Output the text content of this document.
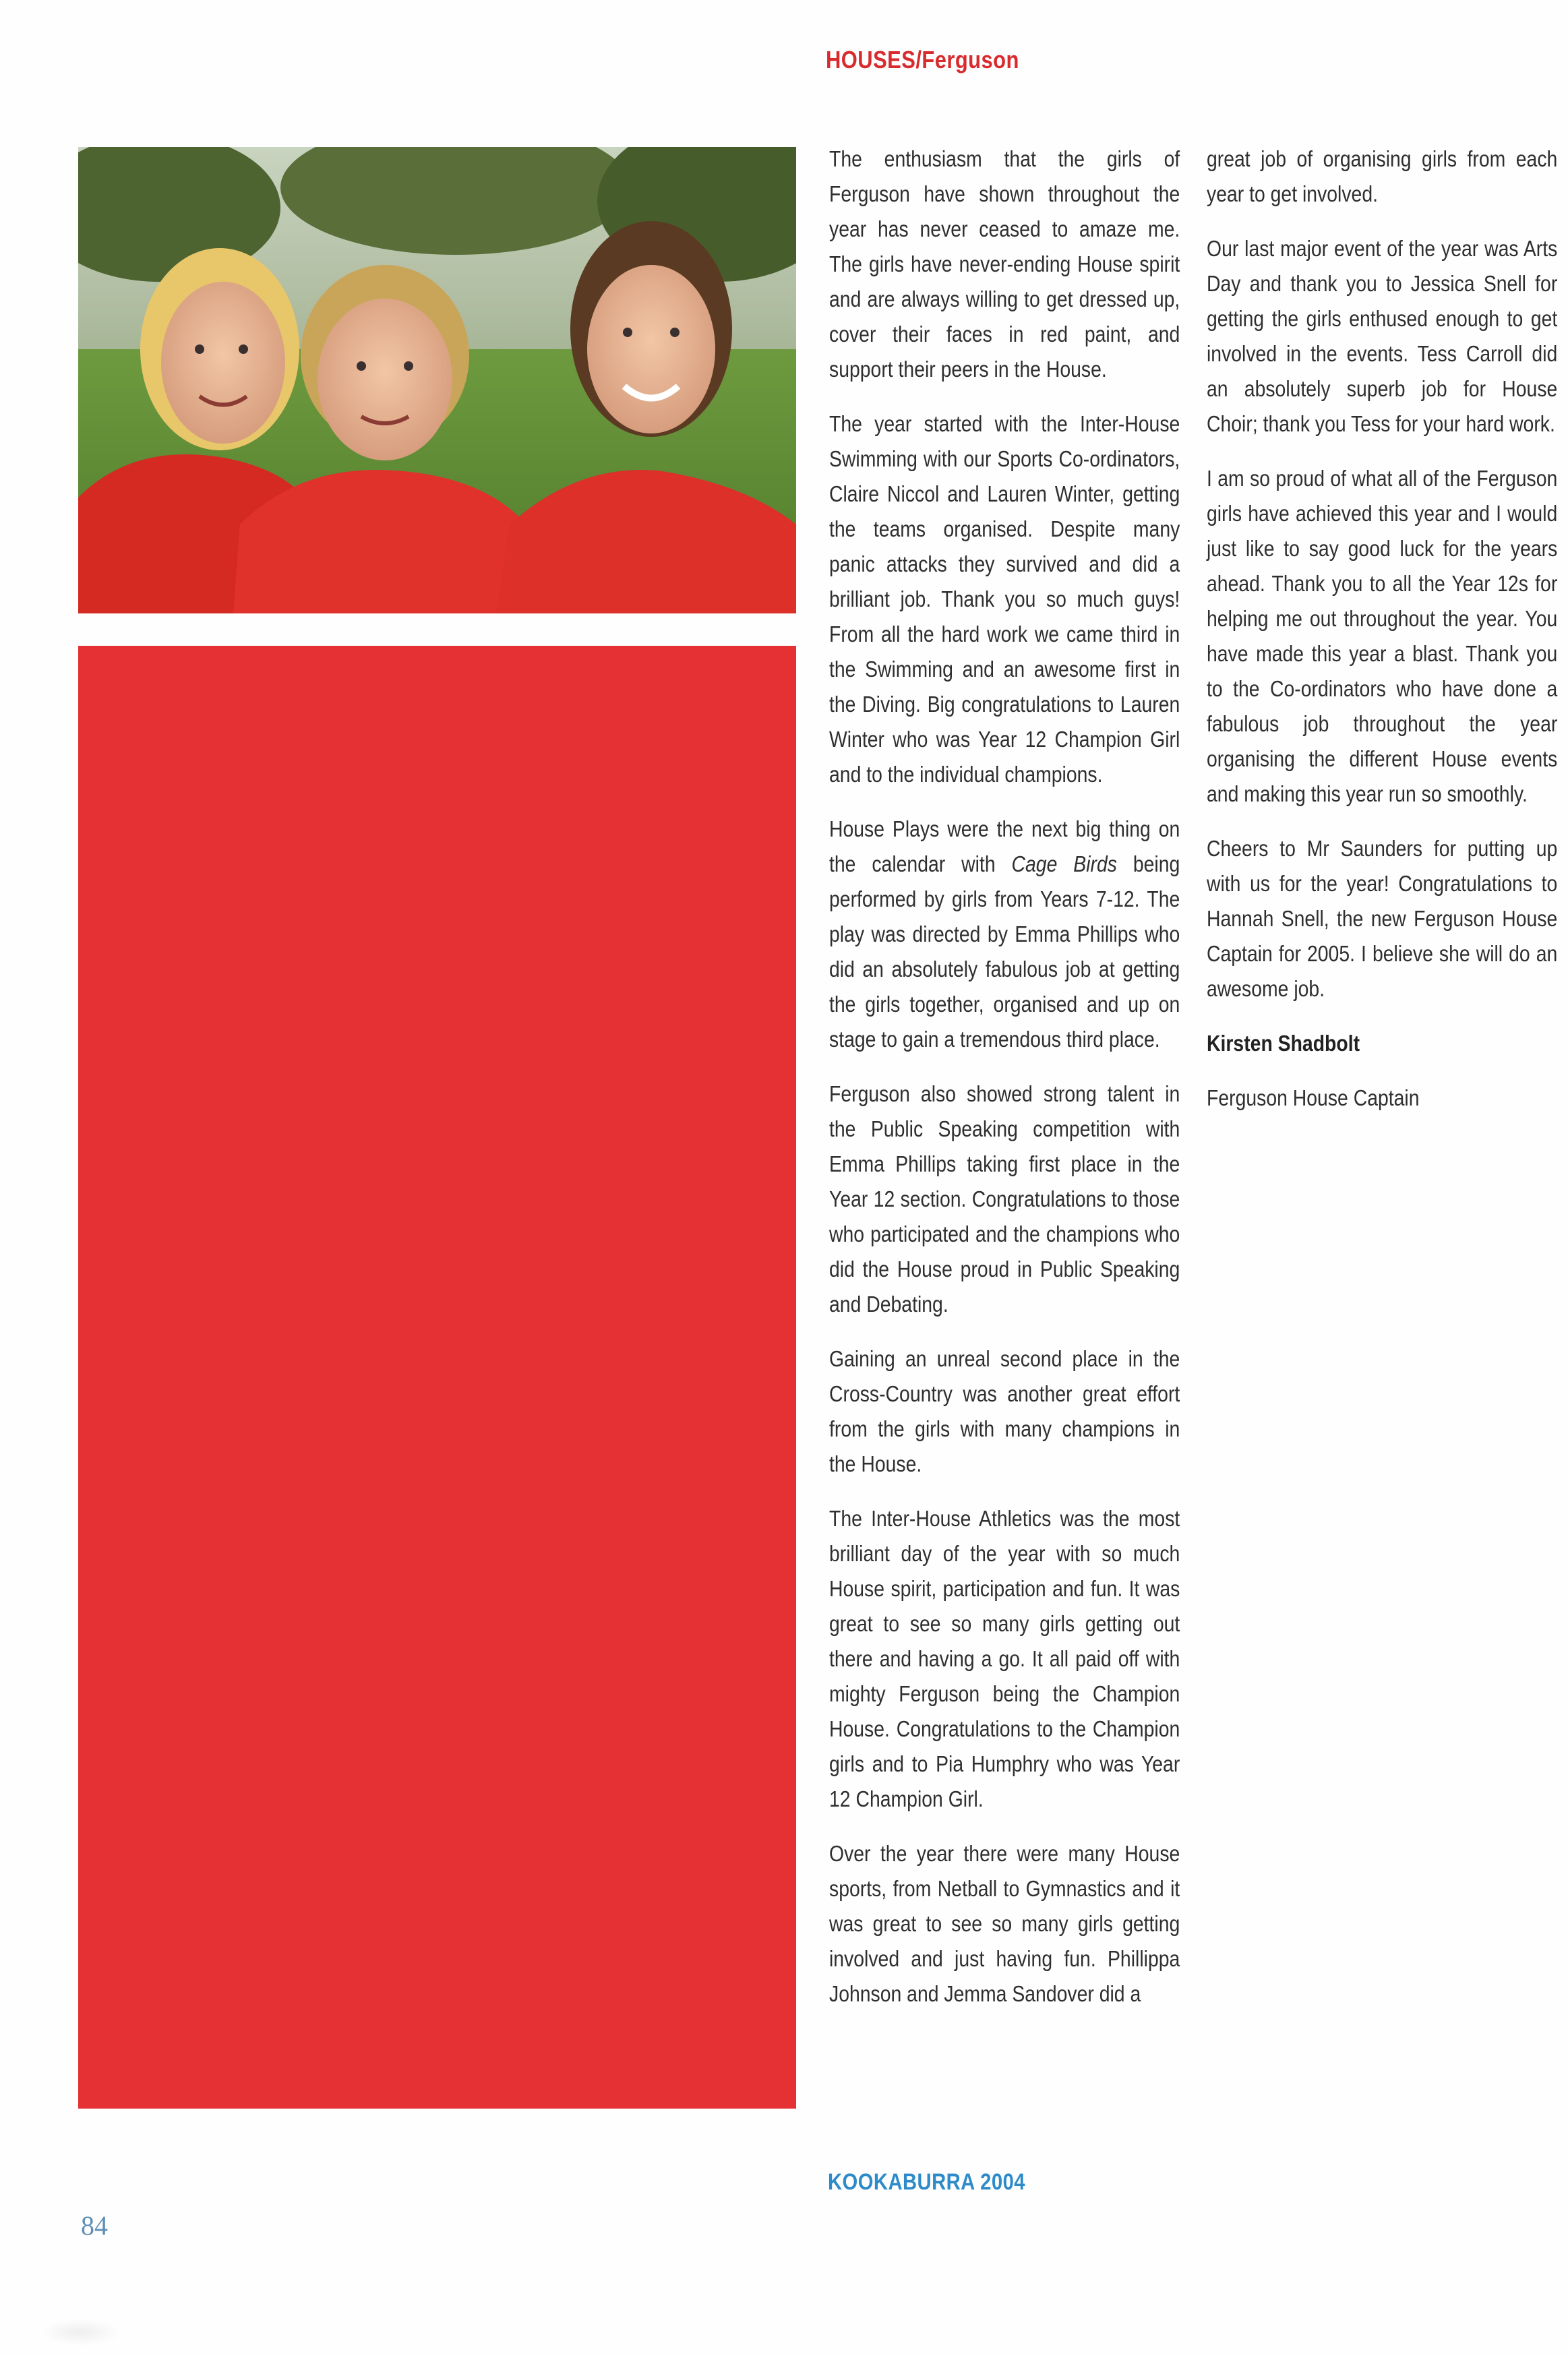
HOUSES/Ferguson

The enthusiasm that the girls of Ferguson have shown throughout the year has never ceased to amaze me. The girls have never-ending House spirit and are always willing to get dressed up, cover their faces in red paint, and support their peers in the House.

The year started with the Inter-House Swimming with our Sports Co-ordinators, Claire Niccol and Lauren Winter, getting the teams organised. Despite many panic attacks they survived and did a brilliant job. Thank you so much guys! From all the hard work we came third in the Swimming and an awesome first in the Diving. Big congratulations to Lauren Winter who was Year 12 Champion Girl and to the individual champions.

House Plays were the next big thing on the calendar with Cage Birds being performed by girls from Years 7-12. The play was directed by Emma Phillips who did an absolutely fabulous job at getting the girls together, organised and up on stage to gain a tremendous third place.

Ferguson also showed strong talent in the Public Speaking competition with Emma Phillips taking first place in the Year 12 section. Congratulations to those who participated and the champions who did the House proud in Public Speaking and Debating.

Gaining an unreal second place in the Cross-Country was another great effort from the girls with many champions in the House.

The Inter-House Athletics was the most brilliant day of the year with so much House spirit, participation and fun. It was great to see so many girls getting out there and having a go. It all paid off with mighty Ferguson being the Champion House. Congratulations to the Champion girls and to Pia Humphry who was Year 12 Champion Girl.

Over the year there were many House sports, from Netball to Gymnastics and it was great to see so many girls getting involved and just having fun. Phillippa Johnson and Jemma Sandover did a

great job of organising girls from each year to get involved.

Our last major event of the year was Arts Day and thank you to Jessica Snell for getting the girls enthused enough to get involved in the events. Tess Carroll did an absolutely superb job for House Choir; thank you Tess for your hard work.

I am so proud of what all of the Ferguson girls have achieved this year and I would just like to say good luck for the years ahead. Thank you to all the Year 12s for helping me out throughout the year. You have made this year a blast. Thank you to the Co-ordinators who have done a fabulous job throughout the year organising the different House events and making this year run so smoothly.

Cheers to Mr Saunders for putting up with us for the year! Congratulations to Hannah Snell, the new Ferguson House Captain for 2005. I believe she will do an awesome job.

Kirsten Shadbolt

Ferguson House Captain

KOOKABURRA 2004
84
